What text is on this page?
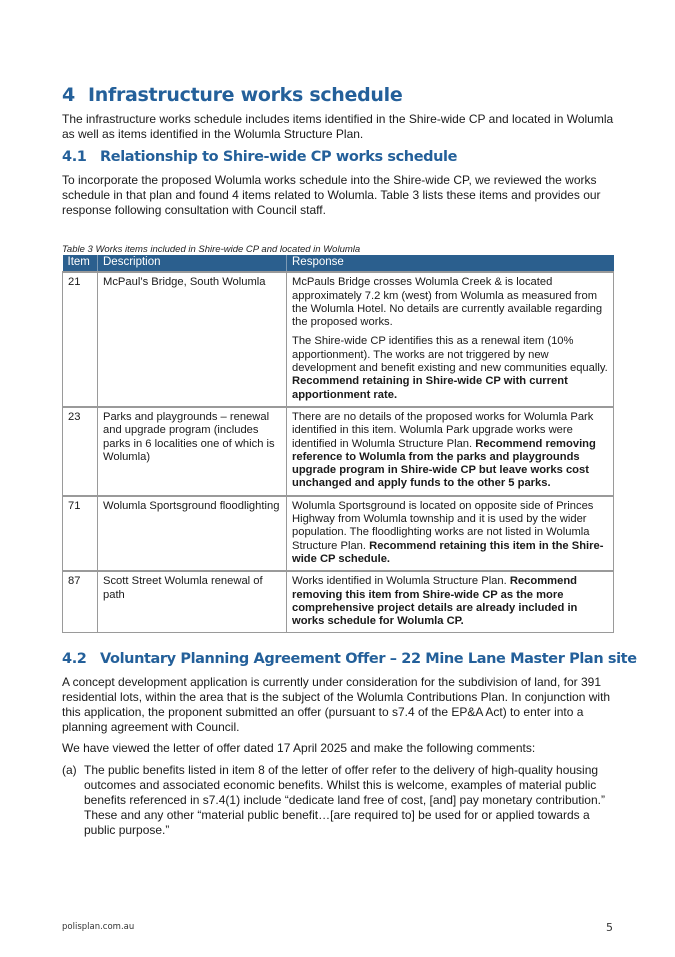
4 Infrastructure works schedule

The infrastructure works schedule includes items identified in the Shire-wide CP and located in Wolumla as well as items identified in the Wolumla Structure Plan.

4.1 Relationship to Shire-wide CP works schedule

To incorporate the proposed Wolumla works schedule into the Shire-wide CP, we reviewed the works schedule in that plan and found 4 items related to Wolumla. Table 3 lists these items and provides our response following consultation with Council staff.

Table 3 Works items included in Shire-wide CP and located in Wolumla
Item	Description	Response
21	McPaul’s Bridge, South Wolumla	McPauls Bridge crosses Wolumla Creek & is located approximately 7.2 km (west) from Wolumla as measured from the Wolumla Hotel. No details are currently available regarding the proposed works.

The Shire-wide CP identifies this as a renewal item (10% apportionment). The works are not triggered by new development and benefit existing and new communities equally. Recommend retaining in Shire-wide CP with current apportionment rate.

23	Parks and playgrounds – renewal and upgrade program (includes parks in 6 localities one of which is Wolumla)	There are no details of the proposed works for Wolumla Park identified in this item. Wolumla Park upgrade works were identified in Wolumla Structure Plan. Recommend removing reference to Wolumla from the parks and playgrounds upgrade program in Shire-wide CP but leave works cost unchanged and apply funds to the other 5 parks.

71	Wolumla Sportsground floodlighting	Wolumla Sportsground is located on opposite side of Princes Highway from Wolumla township and it is used by the wider population. The floodlighting works are not listed in Wolumla Structure Plan. Recommend retaining this item in the Shire-wide CP schedule.

87	Scott Street Wolumla renewal of path	Works identified in Wolumla Structure Plan. Recommend removing this item from Shire-wide CP as the more comprehensive project details are already included in works schedule for Wolumla CP.

4.2 Voluntary Planning Agreement Offer – 22 Mine Lane Master Plan site

A concept development application is currently under consideration for the subdivision of land, for 391 residential lots, within the area that is the subject of the Wolumla Contributions Plan. In conjunction with this application, the proponent submitted an offer (pursuant to s7.4 of the EP&A Act) to enter into a planning agreement with Council.

We have viewed the letter of offer dated 17 April 2025 and make the following comments:

(a) The public benefits listed in item 8 of the letter of offer refer to the delivery of high-quality housing outcomes and associated economic benefits. Whilst this is welcome, examples of material public benefits referenced in s7.4(1) include “dedicate land free of cost, [and] pay monetary contribution.” These and any other “material public benefit…[are required to] be used for or applied towards a public purpose.”
polisplan.com.au	5
